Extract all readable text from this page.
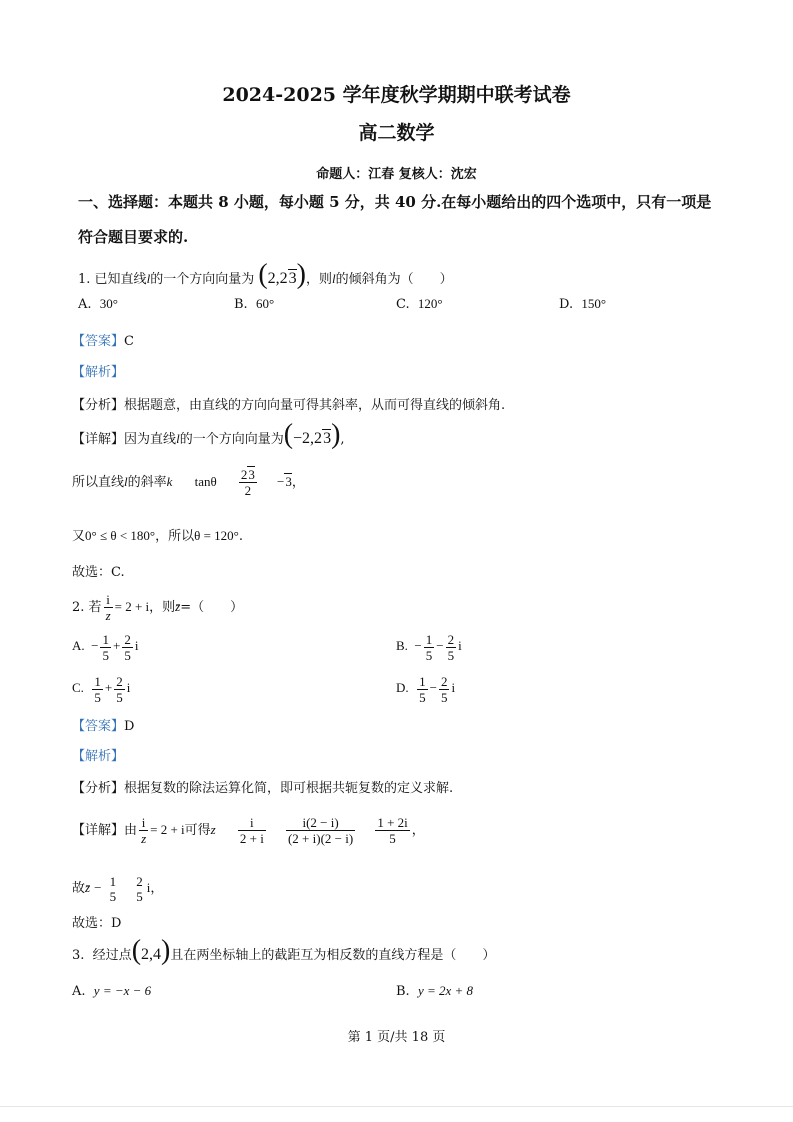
2024-2025 学年度秋学期期中联考试卷
高二数学
命题人：江春 复核人：沈宏
一、选择题：本题共 8 小题，每小题 5 分，共 40 分.在每小题给出的四个选项中，只有一项是
符合题目要求的.
1. 已知直线l的一个方向向量为 (2,23)，则l的倾斜角为（　　）
A. 30°	B. 60°	C. 120°	D. 150°
【答案】C
【解析】
【分析】根据题意，由直线的方向向量可得其斜率，从而可得直线的倾斜角.
【详解】因为直线l的一个方向向量为(−2,23),
所以直线l的斜率k tanθ $\frac{23}{2} -3$，
又0° ≤ θ < 180°，所以θ = 120°.
故选：C.
2. 若 $\frac{i}{z} = 2 + i$，则z̄=（　　）
A. − $\frac{1}{5} + \frac{2}{5}$ i	B. − $\frac{1}{5} - \frac{2}{5}$ i
C. $\frac{1}{5} + \frac{2}{5}$ i	D. $\frac{1}{5} - \frac{2}{5}$ i
【答案】D
【解析】
【分析】根据复数的除法运算化简，即可根据共轭复数的定义求解.
【详解】由 $\frac{i}{z} = 2 + i$可得z $\frac{i}{2 + i}$
$\frac{i(2 - i)}{(2 + i)(2 - i)}$
$\frac{1 + 2i}{5}$ ，
故z̄ − 1
5

2
5
i，
故选：D
3. 经过点(2,4)且在两坐标轴上的截距互为相反数的直线方程是（　　）
A. y = −x − 6	B. y = 2x + 8
第 1 页/共 18 页
